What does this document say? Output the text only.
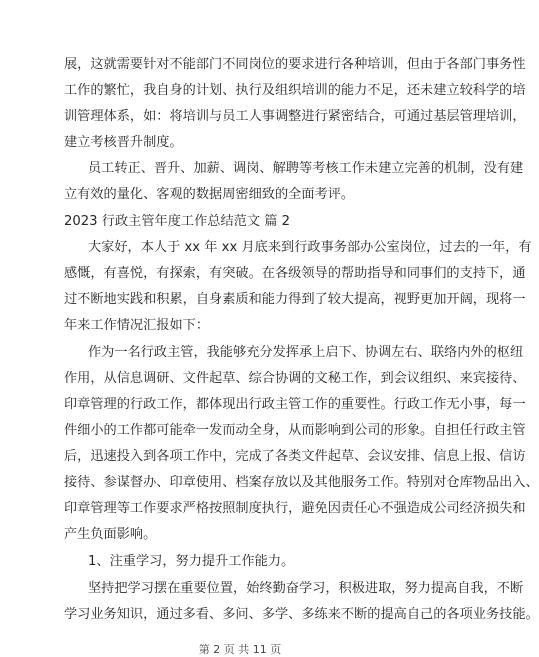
展，这就需要针对不能部门不同岗位的要求进行各种培训，但由于各部门事务性
工作的繁忙，我自身的计划、执行及组织培训的能力不足，还未建立较科学的培
训管理体系，如：将培训与员工人事调整进行紧密结合，可通过基层管理培训，
建立考核晋升制度。
员工转正、晋升、加薪、调岗、解聘等考核工作未建立完善的机制，没有建
立有效的量化、客观的数据周密细致的全面考评。
2023 行政主管年度工作总结范文 篇 2
大家好，本人于 xx 年 xx 月底来到行政事务部办公室岗位，过去的一年，有
感慨，有喜悦，有探索，有突破。在各级领导的帮助指导和同事们的支持下，通
过不断地实践和积累，自身素质和能力得到了较大提高，视野更加开阔，现将一
年来工作情况汇报如下：
作为一名行政主管，我能够充分发挥承上启下、协调左右、联络内外的枢纽
作用，从信息调研、文件起草、综合协调的文秘工作，到会议组织、来宾接待、
印章管理的行政工作，都体现出行政主管工作的重要性。行政工作无小事，每一
件细小的工作都可能牵一发而动全身，从而影响到公司的形象。自担任行政主管
后，迅速投入到各项工作中，完成了各类文件起草、会议安排、信息上报、信访
接待、参谋督办、印章使用、档案存放以及其他服务工作。特别对仓库物品出入、
印章管理等工作要求严格按照制度执行，避免因责任心不强造成公司经济损失和
产生负面影响。
1、注重学习，努力提升工作能力。
坚持把学习摆在重要位置，始终勤奋学习，积极进取，努力提高自我，不断
学习业务知识，通过多看、多问、多学、多练来不断的提高自己的各项业务技能。
第 2 页 共 11 页
